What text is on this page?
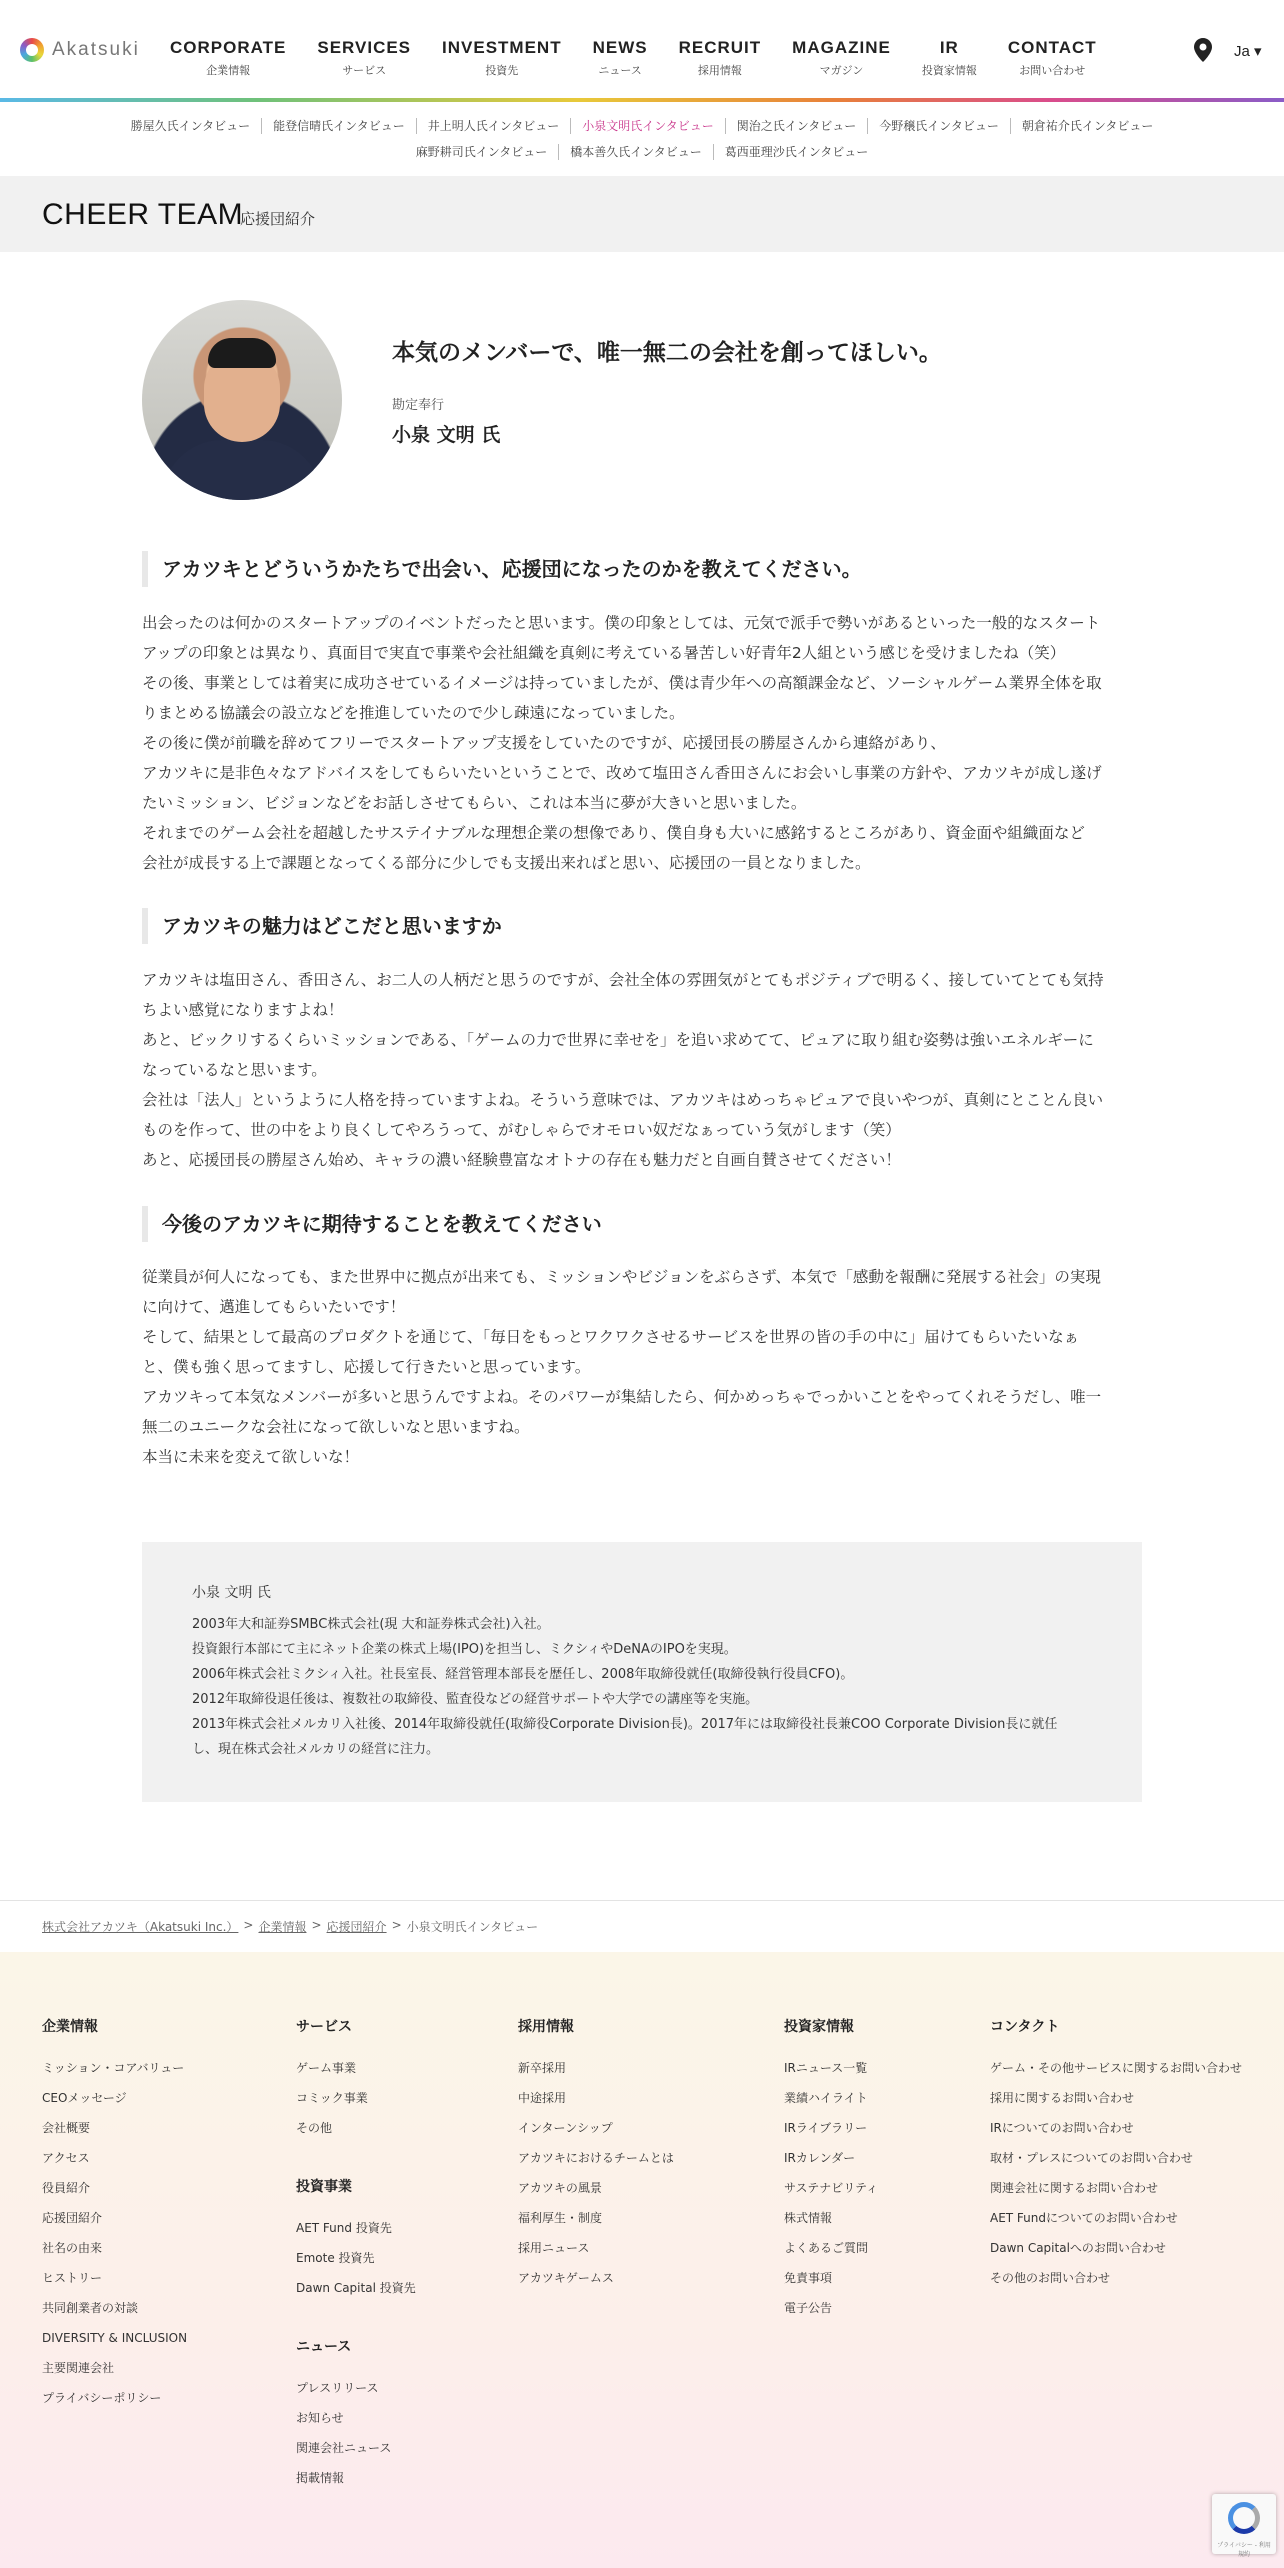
Akatsuki CORPORATE
企業情報
SERVICES
サービス
INVESTMENT
投資先
NEWS
ニュース
RECRUIT
採用情報
MAGAZINE
マガジン
IR
投資家情報
CONTACT
お問い合わせ
Ja ▾
勝屋久氏インタビュー	能登信晴氏インタビュー	井上明人氏インタビュー	小泉文明氏インタビュー	関治之氏インタビュー	今野穣氏インタビュー	朝倉祐介氏インタビュー
麻野耕司氏インタビュー	橋本善久氏インタビュー	葛西亜理沙氏インタビュー
CHEER TEAM
応援団紹介
本気のメンバーで、唯一無二の会社を創ってほしい。
勘定奉行
小泉 文明 氏
アカツキとどういうかたちで出会い、応援団になったのかを教えてください。

出会ったのは何かのスタートアップのイベントだったと思います。僕の印象としては、元気で派手で勢いがあるといった一般的なスタート

アップの印象とは異なり、真面目で実直で事業や会社組織を真剣に考えている暑苦しい好青年2人組という感じを受けましたね（笑）

その後、事業としては着実に成功させているイメージは持っていましたが、僕は青少年への高額課金など、ソーシャルゲーム業界全体を取

りまとめる協議会の設立などを推進していたので少し疎遠になっていました。

その後に僕が前職を辞めてフリーでスタートアップ支援をしていたのですが、応援団長の勝屋さんから連絡があり、

アカツキに是非色々なアドバイスをしてもらいたいということで、改めて塩田さん香田さんにお会いし事業の方針や、アカツキが成し遂げ

たいミッション、ビジョンなどをお話しさせてもらい、これは本当に夢が大きいと思いました。

それまでのゲーム会社を超越したサステイナブルな理想企業の想像であり、僕自身も大いに感銘するところがあり、資金面や組織面など

会社が成長する上で課題となってくる部分に少しでも支援出来ればと思い、応援団の一員となりました。

アカツキの魅力はどこだと思いますか

アカツキは塩田さん、香田さん、お二人の人柄だと思うのですが、会社全体の雰囲気がとてもポジティブで明るく、接していてとても気持

ちよい感覚になりますよね！

あと、ビックリするくらいミッションである、「ゲームの力で世界に幸せを」を追い求めてて、ピュアに取り組む姿勢は強いエネルギーに

なっているなと思います。

会社は「法人」というように人格を持っていますよね。そういう意味では、アカツキはめっちゃピュアで良いやつが、真剣にとことん良い

ものを作って、世の中をより良くしてやろうって、がむしゃらでオモロい奴だなぁっていう気がします（笑）

あと、応援団長の勝屋さん始め、キャラの濃い経験豊富なオトナの存在も魅力だと自画自賛させてください！

今後のアカツキに期待することを教えてください

従業員が何人になっても、また世界中に拠点が出来ても、ミッションやビジョンをぶらさず、本気で「感動を報酬に発展する社会」の実現

に向けて、邁進してもらいたいです！

そして、結果として最高のプロダクトを通じて、「毎日をもっとワクワクさせるサービスを世界の皆の手の中に」届けてもらいたいなぁ

と、僕も強く思ってますし、応援して行きたいと思っています。

アカツキって本気なメンバーが多いと思うんですよね。そのパワーが集結したら、何かめっちゃでっかいことをやってくれそうだし、唯一

無二のユニークな会社になって欲しいなと思いますね。

本当に未来を変えて欲しいな！

小泉 文明 氏
2003年大和証券SMBC株式会社(現 大和証券株式会社)入社。
投資銀行本部にて主にネット企業の株式上場(IPO)を担当し、ミクシィやDeNAのIPOを実現。
2006年株式会社ミクシィ入社。社長室長、経営管理本部長を歴任し、2008年取締役就任(取締役執行役員CFO)。
2012年取締役退任後は、複数社の取締役、監査役などの経営サポートや大学での講座等を実施。
2013年株式会社メルカリ入社後、2014年取締役就任(取締役Corporate Division長)。2017年には取締役社長兼COO Corporate Division長に就任
し、現在株式会社メルカリの経営に注力。
株式会社アカツキ（Akatsuki Inc.） > 企業情報 > 応援団紹介 > 小泉文明氏インタビュー
企業情報
ミッション・コアバリュー
CEOメッセージ
会社概要
アクセス
役員紹介
応援団紹介
社名の由来
ヒストリー
共同創業者の対談
DIVERSITY & INCLUSION
主要関連会社
プライバシーポリシー
サービス
ゲーム事業
コミック事業
その他
投資事業
AET Fund 投資先
Emote 投資先
Dawn Capital 投資先
ニュース
プレスリリース
お知らせ
関連会社ニュース
掲載情報
採用情報
新卒採用
中途採用
インターンシップ
アカツキにおけるチームとは
アカツキの風景
福利厚生・制度
採用ニュース
アカツキゲームス
投資家情報
IRニュース一覧
業績ハイライト
IRライブラリー
IRカレンダー
サステナビリティ
株式情報
よくあるご質問
免責事項
電子公告
コンタクト
ゲーム・その他サービスに関するお問い合わせ
採用に関するお問い合わせ
IRについてのお問い合わせ
取材・プレスについてのお問い合わせ
関連会社に関するお問い合わせ
AET Fundについてのお問い合わせ
Dawn Capitalへのお問い合わせ
その他のお問い合わせ
プライバシー - 利用規約
